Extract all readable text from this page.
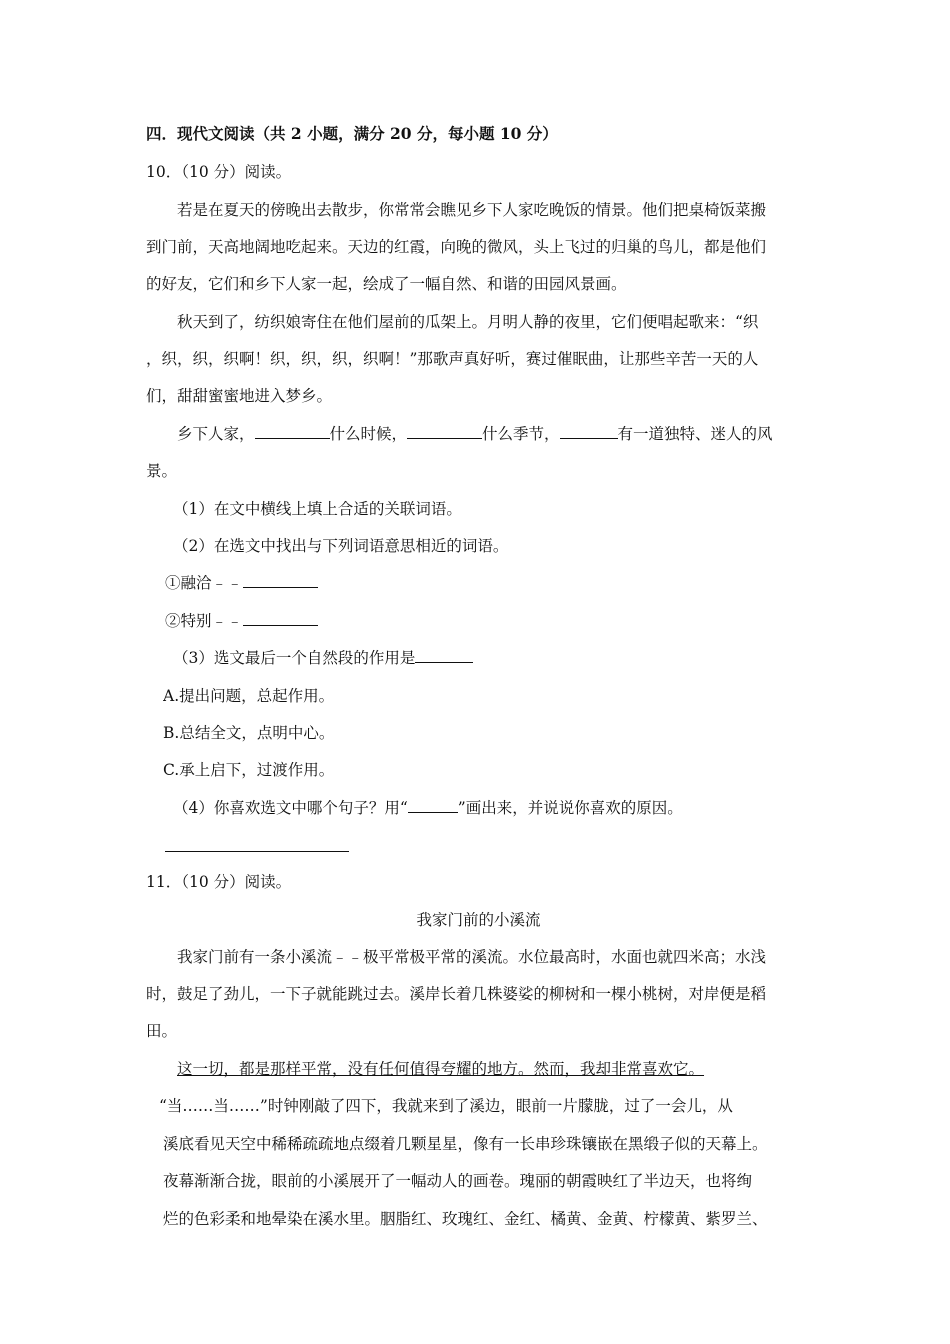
四．现代文阅读（共 2 小题，满分 20 分，每小题 10 分）
10．（10 分）阅读。
若是在夏天的傍晚出去散步，你常常会瞧见乡下人家吃晚饭的情景。他们把桌椅饭菜搬
到门前，天高地阔地吃起来。天边的红霞，向晚的微风，头上飞过的归巢的鸟儿，都是他们
的好友，它们和乡下人家一起，绘成了一幅自然、和谐的田园风景画。
秋天到了，纺织娘寄住在他们屋前的瓜架上。月明人静的夜里，它们便唱起歌来：“织
，织，织，织啊！织，织，织，织啊！”那歌声真好听，赛过催眠曲，让那些辛苦一天的人
们，甜甜蜜蜜地进入梦乡。
乡下人家，	什么时候，	什么季节，	有一道独特、迷人的风
景。
（1）在文中横线上填上合适的关联词语。
（2）在选文中找出与下列词语意思相近的词语。
①融洽﹣﹣
②特别﹣﹣
（3）选文最后一个自然段的作用是
A.提出问题，总起作用。
B.总结全文，点明中心。
C.承上启下，过渡作用。
（4）你喜欢选文中哪个句子？用“	”画出来，并说说你喜欢的原因。
11．（10 分）阅读。
我家门前的小溪流
我家门前有一条小溪流﹣﹣极平常极平常的溪流。水位最高时，水面也就四米高；水浅
时，鼓足了劲儿，一下子就能跳过去。溪岸长着几株婆娑的柳树和一棵小桃树，对岸便是稻
田。
这一切，都是那样平常，没有任何值得夸耀的地方。然而，我却非常喜欢它。
“当……当……”时钟刚敲了四下，我就来到了溪边，眼前一片朦胧，过了一会儿，从
溪底看见天空中稀稀疏疏地点缀着几颗星星，像有一长串珍珠镶嵌在黑缎子似的天幕上。
夜幕渐渐合拢，眼前的小溪展开了一幅动人的画卷。瑰丽的朝霞映红了半边天，也将绚
烂的色彩柔和地晕染在溪水里。胭脂红、玫瑰红、金红、橘黄、金黄、柠檬黄、紫罗兰、
